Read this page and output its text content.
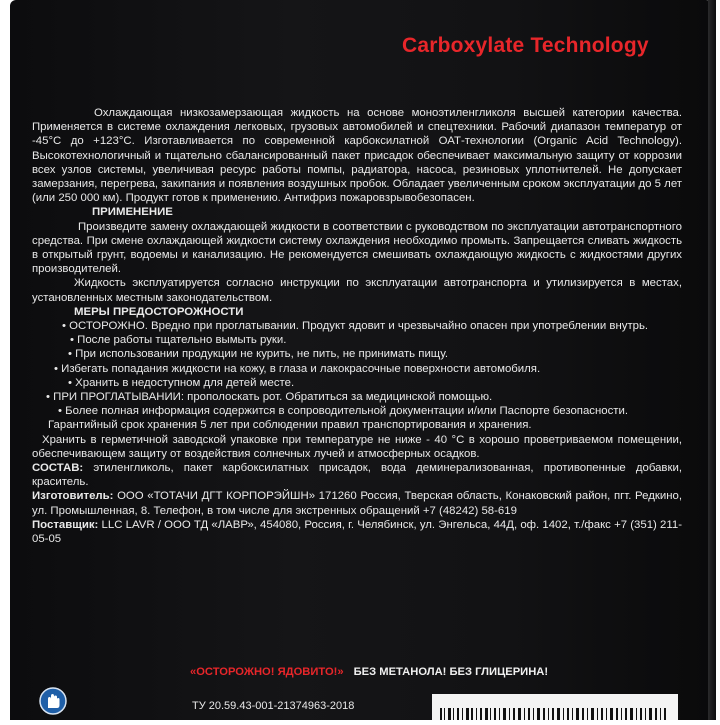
Carboxylate Technology

Охлаждающая низкозамерзающая жидкость на основе моноэтиленгликоля высшей категории качества. Применяется в системе охлаждения легковых, грузовых автомобилей и спецтехники. Рабочий диапазон температур от -45°С до +123°С. Изготавливается по современной карбоксилатной ОАТ-технологии (Organic Acid Technology). Высокотехнологичный и тщательно сбалансированный пакет присадок обеспечивает максимальную защиту от коррозии всех узлов системы, увеличивая ресурс работы помпы, радиатора, насоса, резиновых уплотнителей. Не допускает замерзания, перегрева, закипания и появления воздушных пробок. Обладает увеличенным сроком эксплуатации до 5 лет (или 250 000 км). Продукт готов к применению. Антифриз пожаровзрывобезопасен.

ПРИМЕНЕНИЕ

Произведите замену охлаждающей жидкости в соответствии с руководством по эксплуатации автотранспортного средства. При смене охлаждающей жидкости систему охлаждения необходимо промыть. Запрещается сливать жидкость в открытый грунт, водоемы и канализацию. Не рекомендуется смешивать охлаждающую жидкость с жидкостями других производителей.

Жидкость эксплуатируется согласно инструкции по эксплуатации автотранспорта и утилизируется в местах, установленных местным законодательством.

МЕРЫ ПРЕДОСТОРОЖНОСТИ

• ОСТОРОЖНО. Вредно при проглатывании. Продукт ядовит и чрезвычайно опасен при употреблении внутрь.

• После работы тщательно вымыть руки.

• При использовании продукции не курить, не пить, не принимать пищу.

• Избегать попадания жидкости на кожу, в глаза и лакокрасочные поверхности автомобиля.

• Хранить в недоступном для детей месте.

• ПРИ ПРОГЛАТЫВАНИИ: прополоскать рот. Обратиться за медицинской помощью.

• Более полная информация содержится в сопроводительной документации и/или Паспорте безопасности.

Гарантийный срок хранения 5 лет при соблюдении правил транспортирования и хранения.

Хранить в герметичной заводской упаковке при температуре не ниже - 40 °С в хорошо проветриваемом помещении, обеспечивающем защиту от воздействия солнечных лучей и атмосферных осадков.

СОСТАВ: этиленгликоль, пакет карбоксилатных присадок, вода деминерализованная, противопенные добавки, краситель.

Изготовитель: ООО «ТОТАЧИ ДГТ КОРПОРЭЙШН» 171260 Россия, Тверская область, Конаковский район, пгт. Редкино, ул. Промышленная, 8. Телефон, в том числе для экстренных обращений +7 (48242) 58-619

Поставщик: LLC LAVR / ООО ТД «ЛАВР», 454080, Россия, г. Челябинск, ул. Энгельса, 44Д, оф. 1402, т./факс +7 (351) 211-05-05

«ОСТОРОЖНО! ЯДОВИТО!» БЕЗ МЕТАНОЛА! БЕЗ ГЛИЦЕРИНА!
ТУ 20.59.43-001-21374963-2018
